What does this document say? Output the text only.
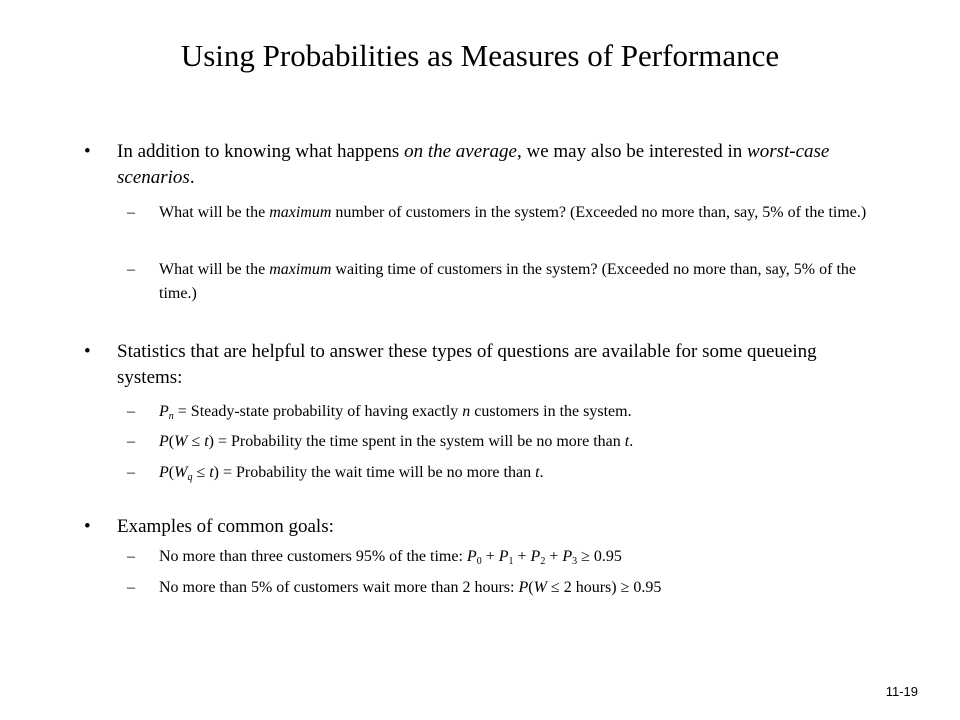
Using Probabilities as Measures of Performance
• In addition to knowing what happens on the average, we may also be interested in worst-case scenarios.
– What will be the maximum number of customers in the system? (Exceeded no more than, say, 5% of the time.)
– What will be the maximum waiting time of customers in the system? (Exceeded no more than, say, 5% of the time.)
• Statistics that are helpful to answer these types of questions are available for some queueing systems:
– $P_n$ = Steady-state probability of having exactly n customers in the system.
– P(W ≤ t) = Probability the time spent in the system will be no more than t.
– $P(W_q \le t)$ = Probability the wait time will be no more than t.
• Examples of common goals:
– No more than three customers 95% of the time: $P_0 + P_1 + P_2 + P_3 \ge 0.95$
– No more than 5% of customers wait more than 2 hours: P(W ≤ 2 hours) ≥ 0.95
11-19
